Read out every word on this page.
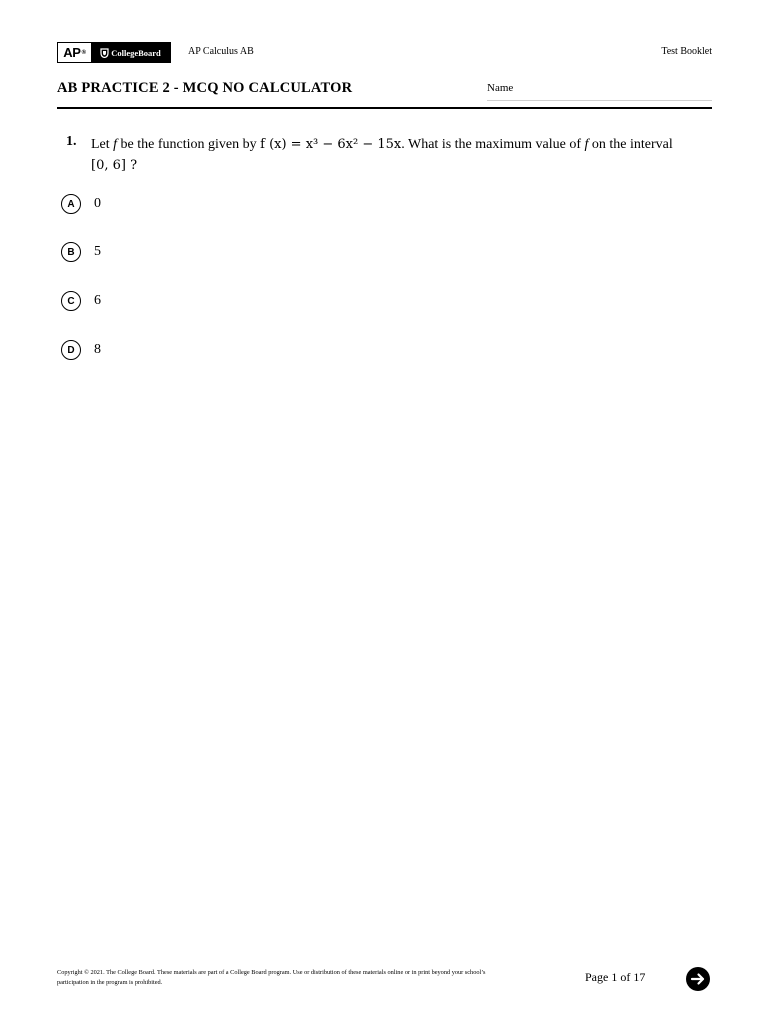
AP ®	CollegeBoard	AP Calculus AB	Test Booklet
AB PRACTICE 2 - MCQ NO CALCULATOR	Name
1. Let f be the function given by f (x) = x³ − 6x² − 15x. What is the maximum value of f on the interval
[0, 6] ?
A	0
B	5
C	6
D	8
Copyright © 2021. The College Board. These materials are part of a College Board program. Use or distribution of these materials online or in print beyond your school’s participation in the program is prohibited.	Page 1 of 17
